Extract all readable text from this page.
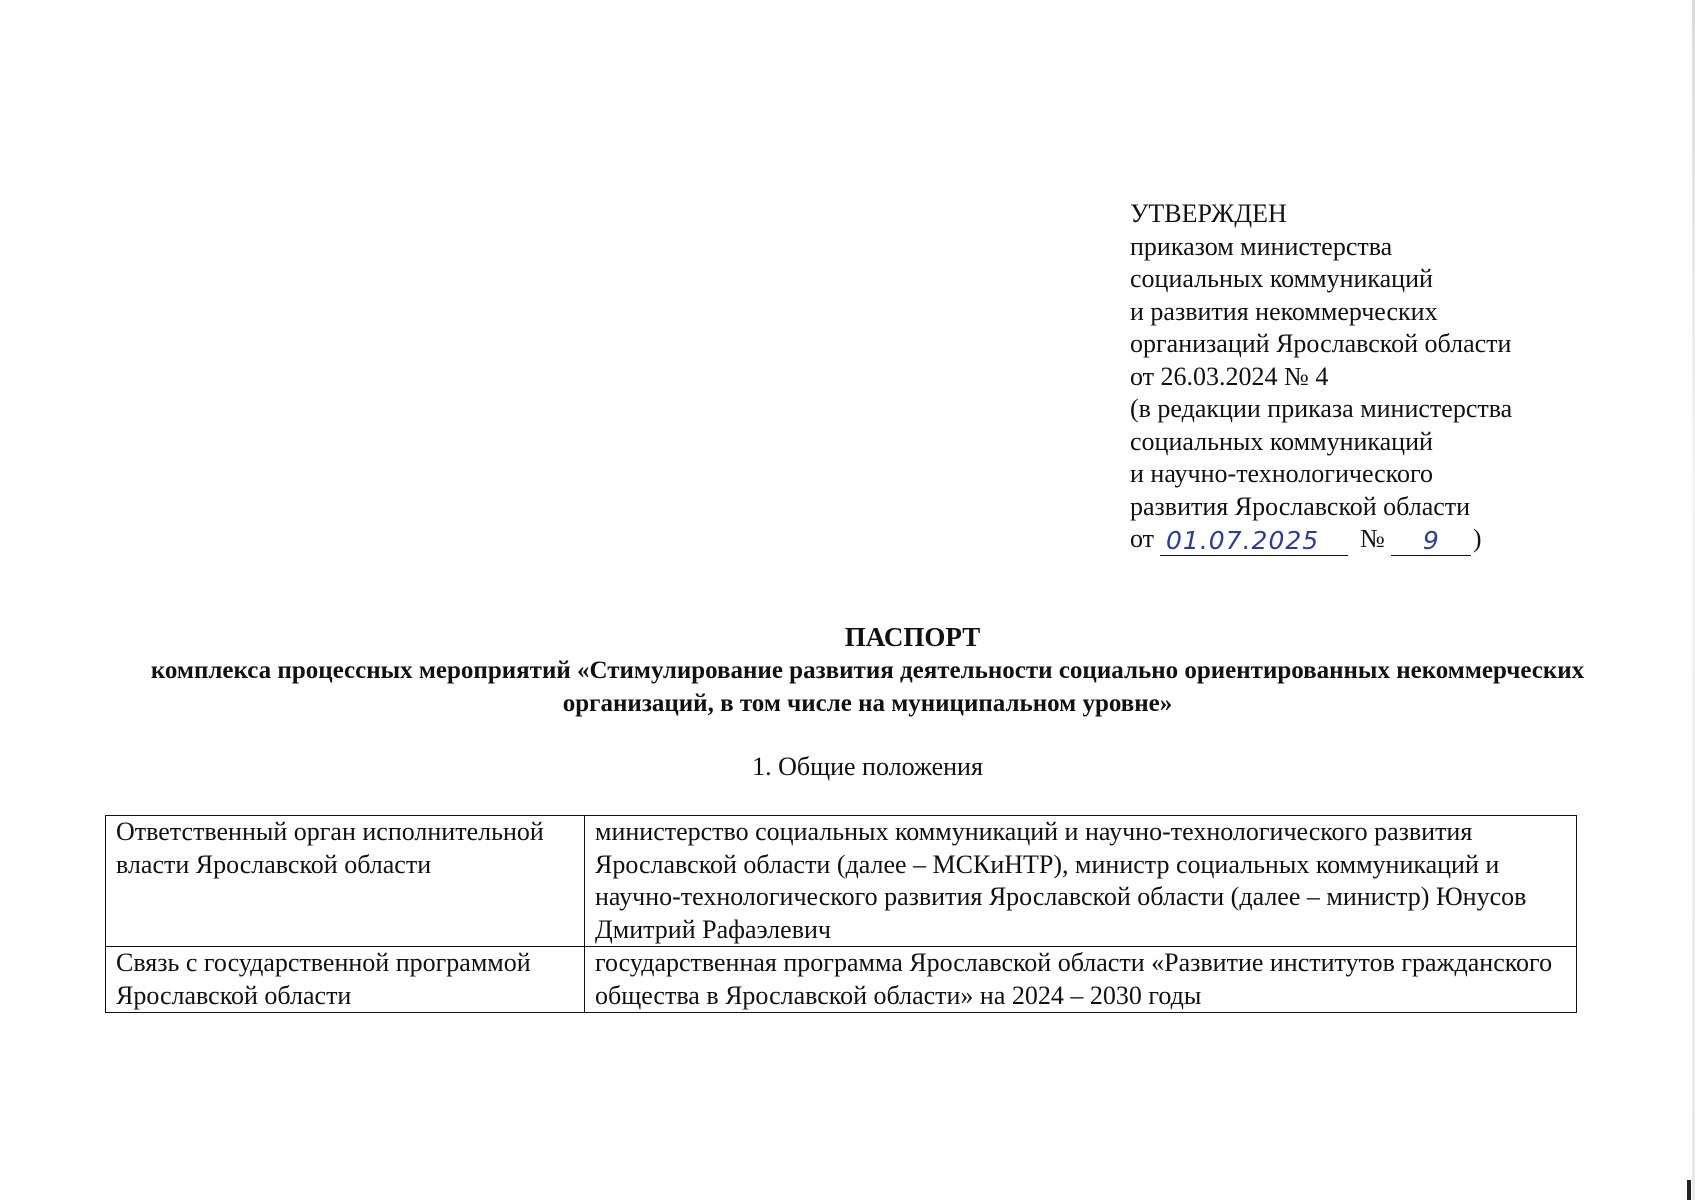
УТВЕРЖДЕН
приказом министерства
социальных коммуникаций
и развития некоммерческих
организаций Ярославской области
от 26.03.2024 № 4
(в редакции приказа министерства
социальных коммуникаций
и научно-технологического
развития Ярославской области
от 01.07.2025	№	9	)
ПАСПОРТ
комплекса процессных мероприятий «Стимулирование развития деятельности социально ориентированных некоммерческих организаций, в том числе на муниципальном уровне»
1. Общие положения
Ответственный орган исполнительной власти Ярославской области	министерство социальных коммуникаций и научно-технологического развития Ярославской области (далее – МСКиНТР), министр социальных коммуникаций и научно-технологического развития Ярославской области (далее – министр) Юнусов Дмитрий Рафаэлевич
Связь с государственной программой Ярославской области	государственная программа Ярославской области «Развитие институтов гражданского общества в Ярославской области» на 2024 – 2030 годы
